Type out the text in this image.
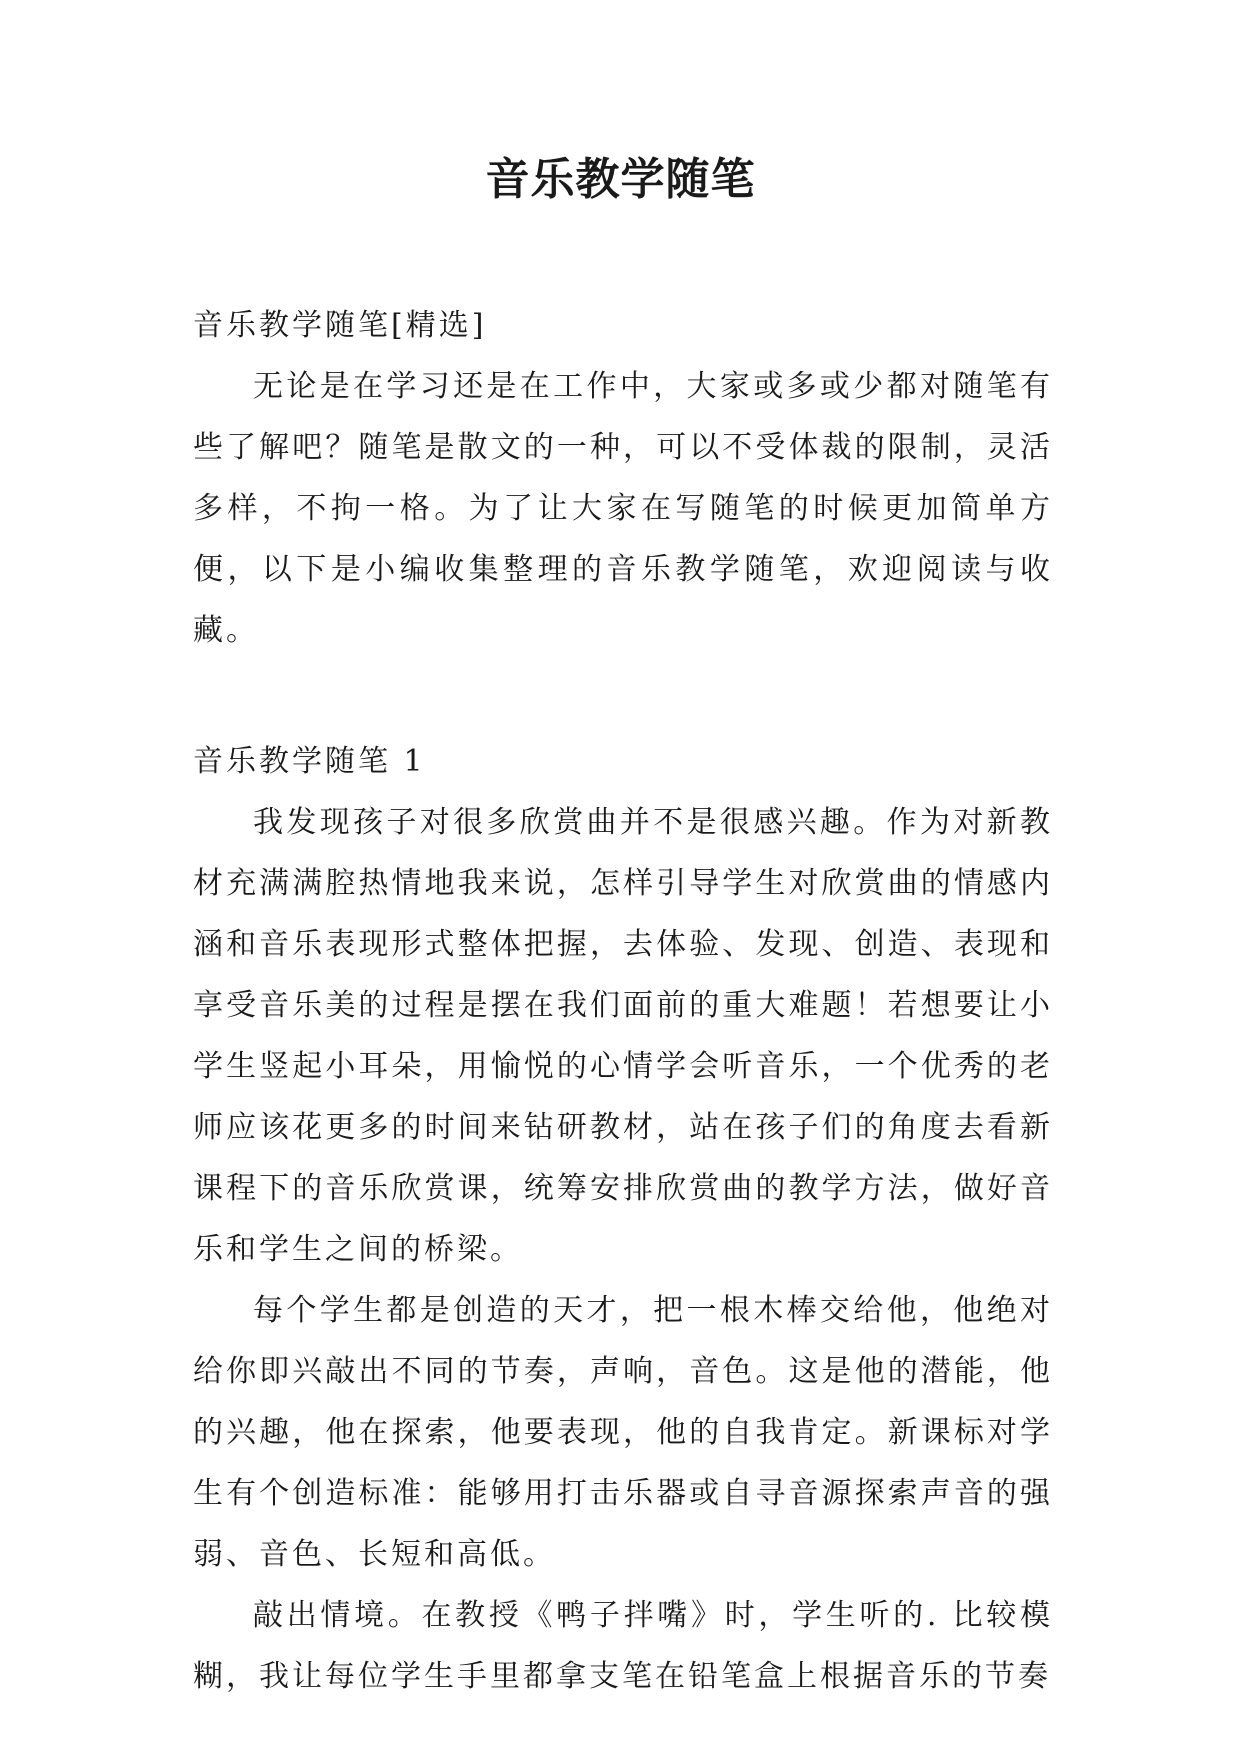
音乐教学随笔

音乐教学随笔[精选]

无论是在学习还是在工作中，大家或多或少都对随笔有些了解吧？随笔是散文的一种，可以不受体裁的限制，灵活多样，不拘一格。为了让大家在写随笔的时候更加简单方便，以下是小编收集整理的音乐教学随笔，欢迎阅读与收藏。

音乐教学随笔 1

我发现孩子对很多欣赏曲并不是很感兴趣。作为对新教材充满满腔热情地我来说，怎样引导学生对欣赏曲的情感内涵和音乐表现形式整体把握，去体验、发现、创造、表现和享受音乐美的过程是摆在我们面前的重大难题！若想要让小学生竖起小耳朵，用愉悦的心情学会听音乐，一个优秀的老师应该花更多的时间来钻研教材，站在孩子们的角度去看新课程下的音乐欣赏课，统筹安排欣赏曲的教学方法，做好音乐和学生之间的桥梁。

每个学生都是创造的天才，把一根木棒交给他，他绝对给你即兴敲出不同的节奏，声响，音色。这是他的潜能，他的兴趣，他在探索，他要表现，他的自我肯定。新课标对学生有个创造标准：能够用打击乐器或自寻音源探索声音的强弱、音色、长短和高低。

敲出情境。在教授《鸭子拌嘴》时，学生听的. 比较模糊，我让每位学生手里都拿支笔在铅笔盒上根据音乐的节奏
